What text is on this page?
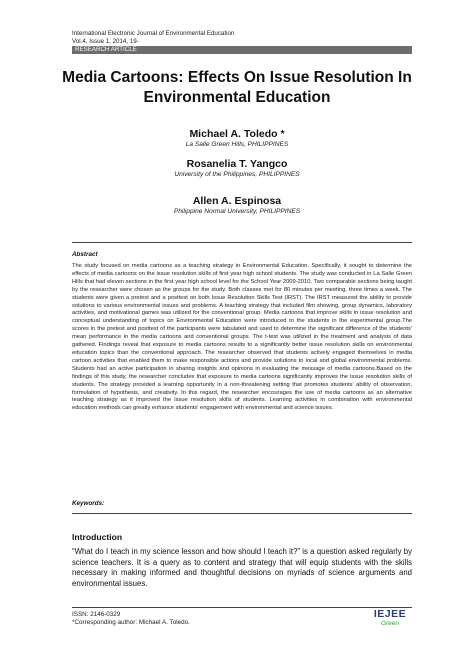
International Electronic Journal of Environmental Education
Vol.4, Issue 1, 2014, 19-
RESEARCH ARTICLE
Media Cartoons: Effects On Issue Resolution In
Environmental Education
Michael A. Toledo *
La Salle Green Hills, PHILIPPINES
Rosanelia T. Yangco
University of the Philippines, PHILIPPINES
Allen A. Espinosa
Philippine Normal University, PHILIPPINES
Abstract
The study focused on media cartoons as a teaching strategy in Environmental Education. Specifically, it sought to determine the effects of media cartoons on the issue resolution skills of first year high school students. The study was conducted in La Salle Green Hills that had eleven sections in the first year high school level for the School Year 2009-2010. Two comparable sections being taught by the researcher were chosen as the groups for the study. Both classes met for 80 minutes per meeting, three times a week. The students were given a pretest and a posttest on both Issue Resolution Skills Test (IRST). The IRST measured the ability to provide solutions to various environmental issues and problems. A teaching strategy that included film showing, group dynamics, laboratory activities, and motivational games was utilized for the conventional group. Media cartoons that improve skills in issue resolution and conceptual understanding of topics on Environmental Education were introduced to the students in the experimental group.The scores in the pretest and posttest of the participants were tabulated and used to determine the significant difference of the students' mean performance in the media cartoons and conventional groups. The t-test was utilized in the treatment and analysis of data gathered. Findings reveal that exposure to media cartoons results to a significantly better issue resolution skills on environmental education topics than the conventional approach. The researcher observed that students actively engaged themselves in media cartoon activities that enabled them to make responsible actions and provide solutions to local and global environmental problems. Students had an active participation in sharing insights and opinions in evaluating the message of media cartoons.Based on the findings of this study, the researcher concludes that exposure to media cartoons significantly improves the issue resolution skills of students. The strategy provided a learning opportunity in a non-threatening setting that promotes students' ability of observation, formulation of hypothesis, and creativity. In this regard, the researcher encourages the use of media cartoons as an alternative teaching strategy as it improved the issue resolution skills of students. Learning activities in combination with environmental education methods can greatly enhance students' engagement with environmental and science issues.
Keywords:
Introduction
“What do I teach in my science lesson and how should I teach it?” is a question asked regularly by science teachers. It is a query as to content and strategy that will equip students with the skills necessary in making informed and thoughtful decisions on myriads of science arguments and environmental issues.
ISSN: 2146-0329
*Corresponding author: Michael A. Toledo.
IEJEE
Green
